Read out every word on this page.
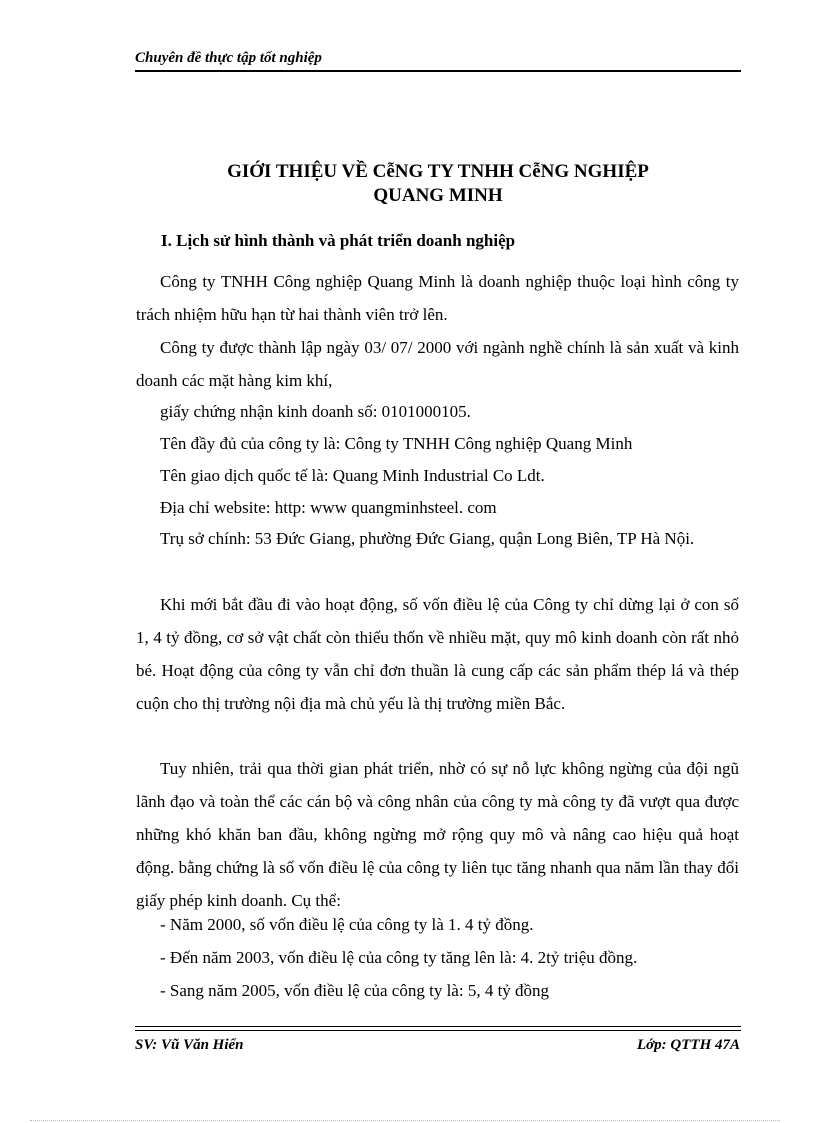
Chuyên đề thực tập tốt nghiệp
GIỚI THIỆU VỀ CễNG TY TNHH CễNG NGHIỆP
QUANG MINH
I. Lịch sử hình thành và phát triển doanh nghiệp

Công ty TNHH Công nghiệp Quang Minh là doanh nghiệp thuộc loại hình công ty trách nhiệm hữu hạn từ hai thành viên trở lên.

Công ty được thành lập ngày 03/ 07/ 2000 với ngành nghề chính là sản xuất và kinh doanh các mặt hàng kim khí,

giấy chứng nhận kinh doanh số: 0101000105.
Tên đầy đủ của công ty là: Công ty TNHH Công nghiệp Quang Minh
Tên giao dịch quốc tế là: Quang Minh Industrial Co Ldt.
Địa chỉ website: http: www quangminhsteel. com

Trụ sở chính: 53 Đức Giang, phường Đức Giang, quận Long Biên, TP Hà Nội.

Khi mới bắt đầu đi vào hoạt động, số vốn điều lệ của Công ty chỉ dừng lại ở con số 1, 4 tỷ đồng, cơ sở vật chất còn thiếu thốn về nhiều mặt, quy mô kinh doanh còn rất nhỏ bé. Hoạt động của công ty vẫn chỉ đơn thuần là cung cấp các sản phẩm thép lá và thép cuộn cho thị trường nội địa mà chủ yếu là thị trường miền Bắc.

Tuy nhiên, trải qua thời gian phát triển, nhờ có sự nỗ lực không ngừng của đội ngũ lãnh đạo và toàn thể các cán bộ và công nhân của công ty mà công ty đã vượt qua được những khó khăn ban đầu, không ngừng mở rộng quy mô và nâng cao hiệu quả hoạt động. bằng chứng là số vốn điều lệ của công ty liên tục tăng nhanh qua năm lần thay đổi giấy phép kinh doanh. Cụ thể:

- Năm 2000, số vốn điều lệ của công ty là 1. 4 tỷ đồng.
- Đến năm 2003, vốn điều lệ của công ty tăng lên là: 4. 2tỷ triệu đồng.
- Sang năm 2005, vốn điều lệ của công ty là: 5, 4 tỷ đồng
SV: Vũ Văn Hiển	Lớp: QTTH 47A
